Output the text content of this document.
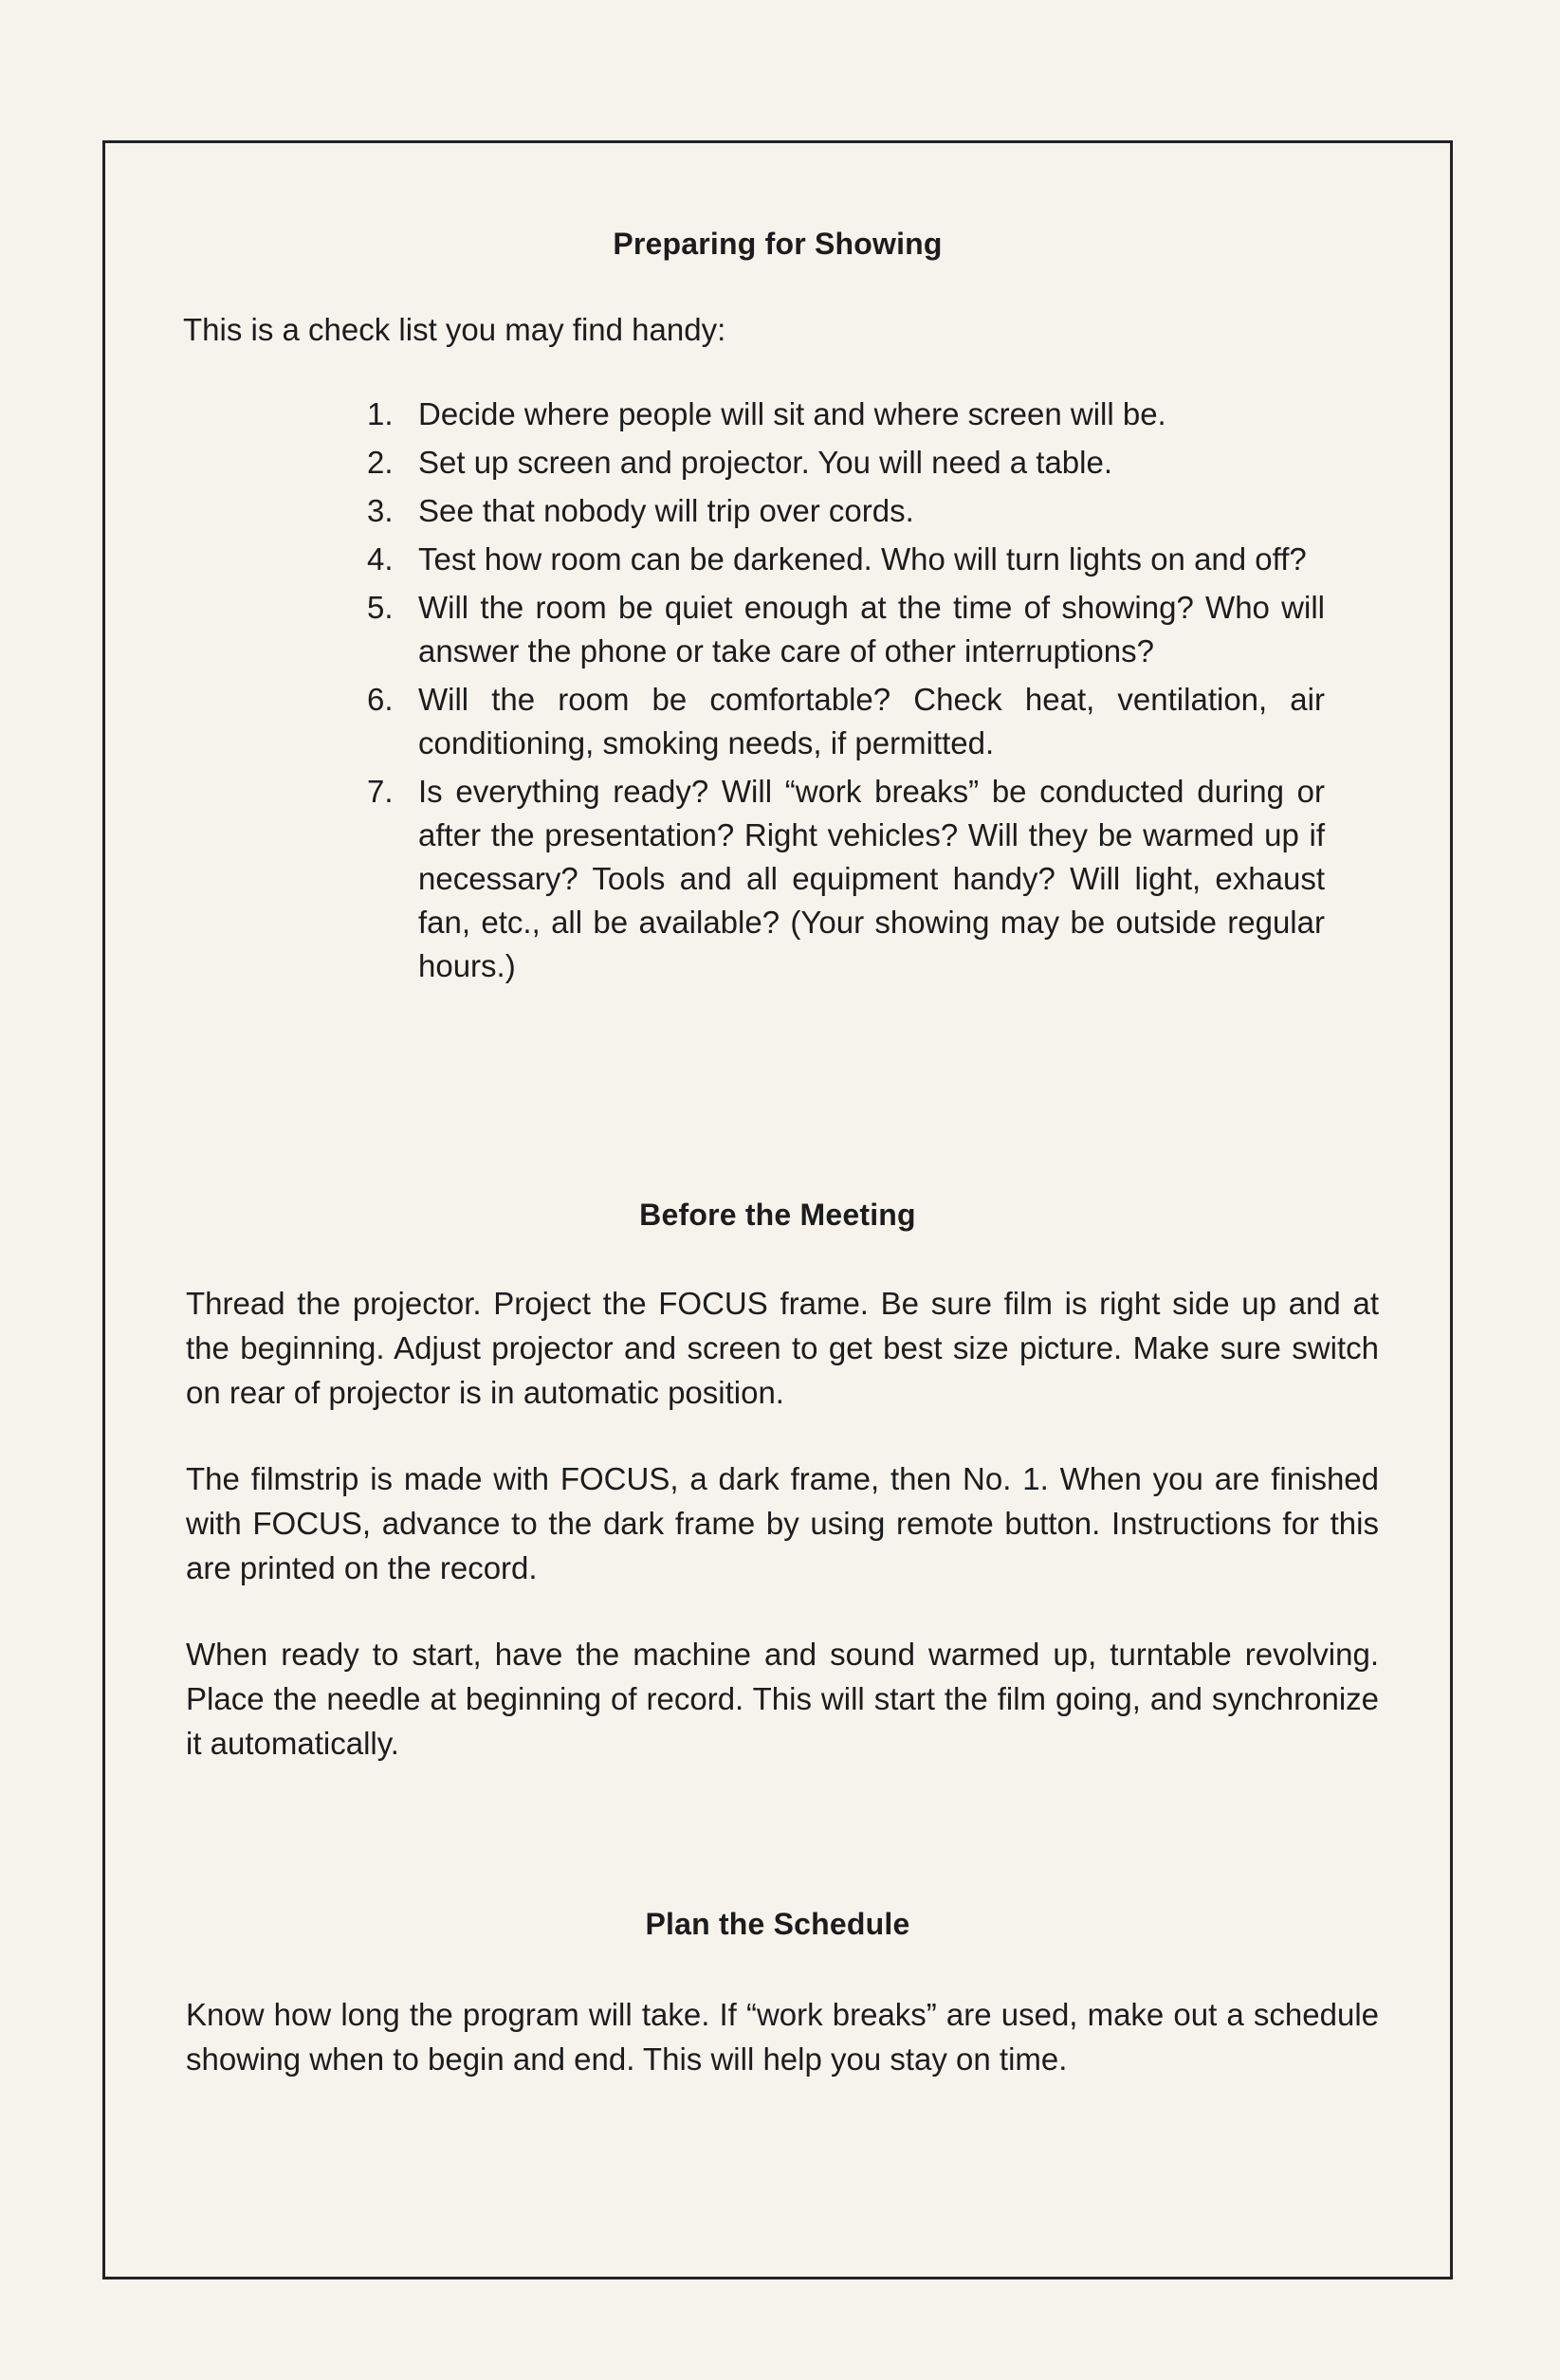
Preparing for Showing
This is a check list you may find handy:
1. Decide where people will sit and where screen will be.
2. Set up screen and projector. You will need a table.
3. See that nobody will trip over cords.
4. Test how room can be darkened. Who will turn lights on and off?
5. Will the room be quiet enough at the time of showing? Who will answer the phone or take care of other interruptions?
6. Will the room be comfortable? Check heat, ventilation, air conditioning, smoking needs, if permitted.
7. Is everything ready? Will “work breaks” be conducted during or after the presentation? Right vehicles? Will they be warmed up if necessary? Tools and all equipment handy? Will light, exhaust fan, etc., all be available? (Your showing may be outside regular hours.)
Before the Meeting

Thread the projector. Project the FOCUS frame. Be sure film is right side up and at the beginning. Adjust projector and screen to get best size picture. Make sure switch on rear of projector is in automatic position.

The filmstrip is made with FOCUS, a dark frame, then No. 1. When you are finished with FOCUS, advance to the dark frame by using remote button. Instructions for this are printed on the record.

When ready to start, have the machine and sound warmed up, turntable revolving. Place the needle at beginning of record. This will start the film going, and synchronize it automatically.

Plan the Schedule

Know how long the program will take. If “work breaks” are used, make out a schedule showing when to begin and end. This will help you stay on time.
